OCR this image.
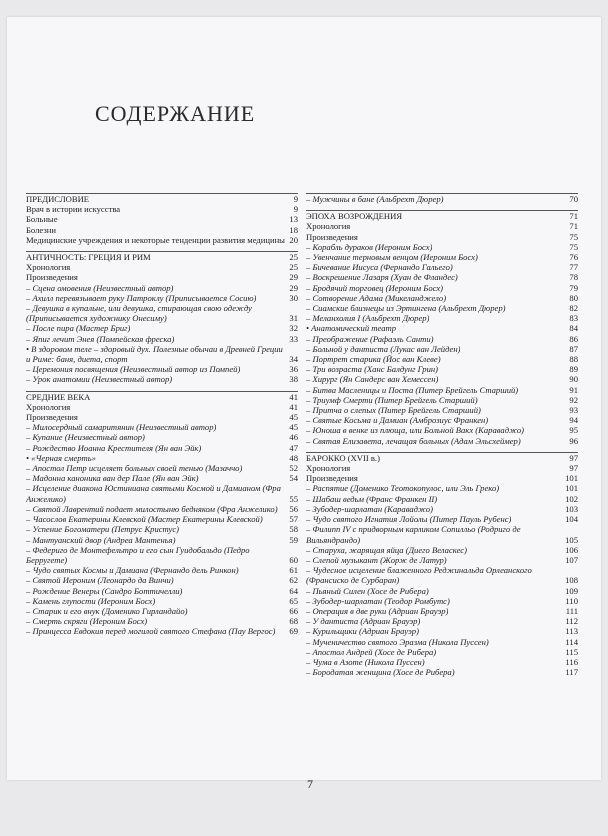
СОДЕРЖАНИЕ
ПРЕДИСЛОВИЕ	9
Врач в истории искусства	9
Больные	13
Болезни	18
Медицинские учреждения и некоторые тенденции развития медицины 20
АНТИЧНОСТЬ: ГРЕЦИЯ И РИМ	25
Хронология	25
Произведения	29
– Сцена омовения (Неизвестный автор)	29
– Ахилл перевязывает руку Патроклу (Приписывается Сосию)	30
– Девушка в купальне, или девушка, стирающая свою одежду (Приписывается художнику Онесиму)	31
– После пира (Мастер Бриг)	32
– Япиг лечит Энея (Помпейская фреска)	33
• В здоровом теле – здоровый дух. Полезные обычаи в Древней Греции и Риме: баня, диета, спорт	34
– Церемония посвящения (Неизвестный автор из Помпей)	36
– Урок анатомии (Неизвестный автор)	38
СРЕДНИЕ ВЕКА	41
Хронология	41
Произведения	45
– Милосердный самаритянин (Неизвестный автор)	45
– Купание (Неизвестный автор)	46
– Рождество Иоанна Крестителя (Ян ван Эйк)	47
• «Черная смерть»	48
– Апостол Петр исцеляет больных своей тенью (Мазаччо)	52
– Мадонна каноника ван дер Пале (Ян ван Эйк)	54
– Исцеление диакона Юстиниана святыми Космой и Дамианом (Фра Анжелико)	55
– Святой Лаврентий подает милостыню бедняком (Фра Анжелико)	56
– Часослов Екатерины Клевской (Мастер Екатерины Клевской)	57
– Успение Богоматери (Петрус Кристус)	58
– Мантуанский двор (Андреа Мантенья)	59
– Федериго де Монтефельтро и его сын Гуидобальдо (Педро Берругете)	60
– Чудо святых Космы и Дамиана (Фернандо дель Ринкон)	61
– Святой Иероним (Леонардо да Винчи)	62
– Рождение Венеры (Сандро Боттичелли)	64
– Камень глупости (Иероним Босх)	65
– Старик и его внук (Доменико Гирландайо)	66
– Смерть скряги (Иероним Босх)	68
– Принцесса Евдокия перед могилой святого Стефана (Пау Вергос)	69
– Мужчины в бане (Альбрехт Дюрер)	70
ЭПОХА ВОЗРОЖДЕНИЯ	71
Хронология	71
Произведения	75
– Корабль дураков (Иероним Босх)	75
– Увенчание терновым венцом (Иероним Босх)	76
– Бичевание Иисуса (Фернандо Гальего)	77
– Воскрешение Лазаря (Хуан де Фландес)	78
– Бродячий торговец (Иероним Босх)	79
– Сотворение Адама (Микеланджело)	80
– Сиамские близнецы из Эртингена (Альбрехт Дюрер)	82
– Меланхолия I (Альбрехт Дюрер)	83
• Анатомический театр	84
– Преображение (Рафаэль Санти)	86
– Больной у дантиста (Лукас ван Лейден)	87
– Портрет старика (Йос ван Клеве)	88
– Три возраста (Ханс Балдунг Грин)	89
– Хирург (Ян Сандерс ван Хемессен)	90
– Битва Масленицы и Поста (Питер Брейгель Старший)	91
– Триумф Смерти (Питер Брейгель Старший)	92
– Притча о слепых (Питер Брейгель Старший)	93
– Святые Косьма и Дамиан (Амброзиус Франкен)	94
– Юноша в венке из плюща, или Больной Вакх (Караваджо)	95
– Святая Елизавета, лечащая больных (Адам Эльсхеймер)	96
БАРОККО (XVII в.)	97
Хронология	97
Произведения	101
– Распятие (Доменико Теотокопулос, или Эль Греко)	101
– Шабаш ведьм (Франс Франкен II)	102
– Зубодер-шарлатан (Караваджо)	103
– Чудо святого Игнатия Лойолы (Питер Пауль Рубенс)	104
– Филипп IV с придворным карликом Сопилльо (Родриго де Вильяндрандо)	105
– Старуха, жарящая яйца (Диего Веласкес)	106
– Слепой музыкант (Жорж де Латур)	107
– Чудесное исцеление блаженного Реджинальда Орлеанского (Франсиско де Сурбаран)	108
– Пьяный Силен (Хосе де Рибера)	109
– Зубодер-шарлатан (Теодор Ромбутс)	110
– Операция в две руки (Адриан Брауэр)	111
– У дантиста (Адриан Брауэр)	112
– Курильщики (Адриан Брауэр)	113
– Мученичество святого Эразма (Никола Пуссен)	114
– Апостол Андрей (Хосе де Рибера)	115
– Чума в Азоте (Никола Пуссен)	116
– Бородатая женщина (Хосе де Рибера)	117
7
